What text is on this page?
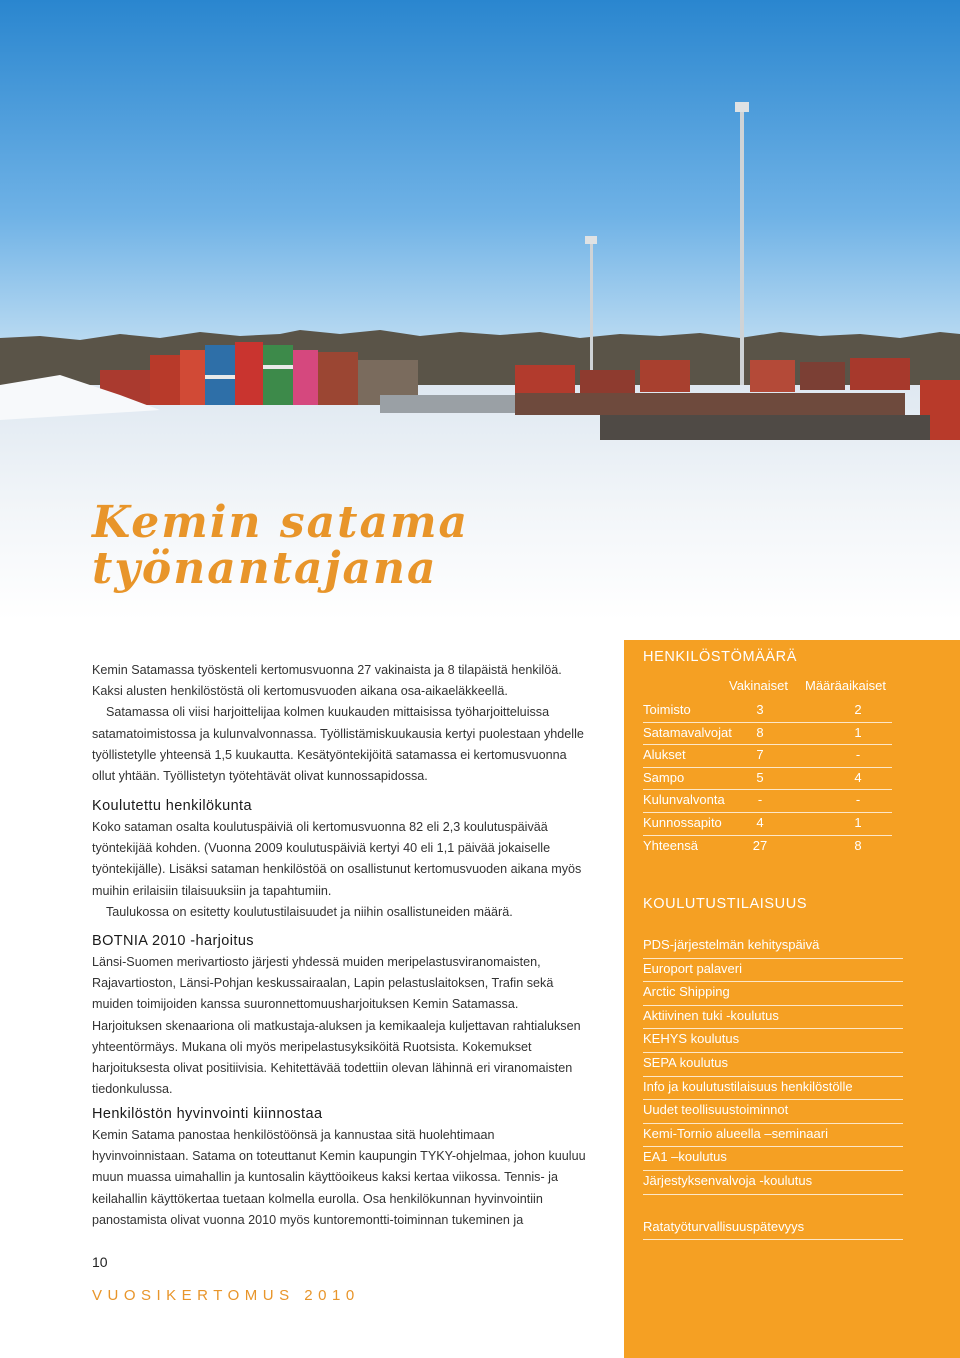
Kemin satama
työnantajana

Kemin Satamassa työskenteli kertomusvuonna 27 vakinaista ja 8 tilapäistä henkilöä. Kaksi alusten henkilöstöstä oli kertomusvuoden aikana osa-aikaeläkkeellä.

Satamassa oli viisi harjoittelijaa kolmen kuukauden mittaisissa työharjoitteluissa satamatoimistossa ja kulunvalvonnassa. Työllistämiskuukausia kertyi puolestaan yhdelle työllistetylle yhteensä 1,5 kuukautta. Kesätyöntekijöitä satamassa ei kertomusvuonna ollut yhtään. Työllistetyn työtehtävät olivat kunnossapidossa.

Koulutettu henkilökunta

Koko sataman osalta koulutuspäiviä oli kertomusvuonna 82 eli 2,3 koulutuspäivää työntekijää kohden. (Vuonna 2009 koulutuspäiviä kertyi 40 eli 1,1 päivää jokaiselle työntekijälle). Lisäksi sataman henkilöstöä on osallistunut kertomusvuoden aikana myös muihin erilaisiin tilaisuuksiin ja tapahtumiin.

Taulukossa on esitetty koulutustilaisuudet ja niihin osallistuneiden määrä.

BOTNIA 2010 -harjoitus

Länsi-Suomen merivartiosto järjesti yhdessä muiden meripelastusviranomaisten, Rajavartioston, Länsi-Pohjan keskussairaalan, Lapin pelastuslaitoksen, Trafin sekä muiden toimijoiden kanssa suuronnettomuusharjoituksen Kemin Satamassa. Harjoituksen skenaariona oli matkustaja-aluksen ja kemikaaleja kuljettavan rahtialuksen yhteentörmäys. Mukana oli myös meripelastusyksiköitä Ruotsista. Kokemukset harjoituksesta olivat positiivisia. Kehitettävää todettiin olevan lähinnä eri viranomaisten tiedonkulussa.

Henkilöstön hyvinvointi kiinnostaa

Kemin Satama panostaa henkilöstöönsä ja kannustaa sitä huolehtimaan hyvinvoinnistaan. Satama on toteuttanut Kemin kaupungin TYKY-ohjelmaa, johon kuuluu muun muassa uimahallin ja kuntosalin käyttöoikeus kaksi kertaa viikossa. Tennis- ja keilahallin käyttökertaa tuetaan kolmella eurolla. Osa henkilökunnan hyvinvointiin panostamista olivat vuonna 2010 myös kuntoremontti-toiminnan tukeminen ja

HENKILÖSTÖMÄÄRÄ
Vakinaiset Määräaikaiset
Toimisto	3	2
Satamavalvojat	8	1
Alukset	7	-
Sampo	5	4
Kulunvalvonta	-	-
Kunnossapito	4	1
Yhteensä	27	8
KOULUTUSTILAISUUS
PDS-järjestelmän kehityspäivä
Europort palaveri
Arctic Shipping
Aktiivinen tuki -koulutus
KEHYS koulutus
SEPA koulutus
Info ja koulutustilaisuus henkilöstölle
Uudet teollisuustoiminnot
Kemi-Tornio alueella –seminaari
EA1 –koulutus
Järjestyksenvalvoja -koulutus
Ratatyöturvallisuuspätevyys
10
VUOSIKERTOMUS 2010
